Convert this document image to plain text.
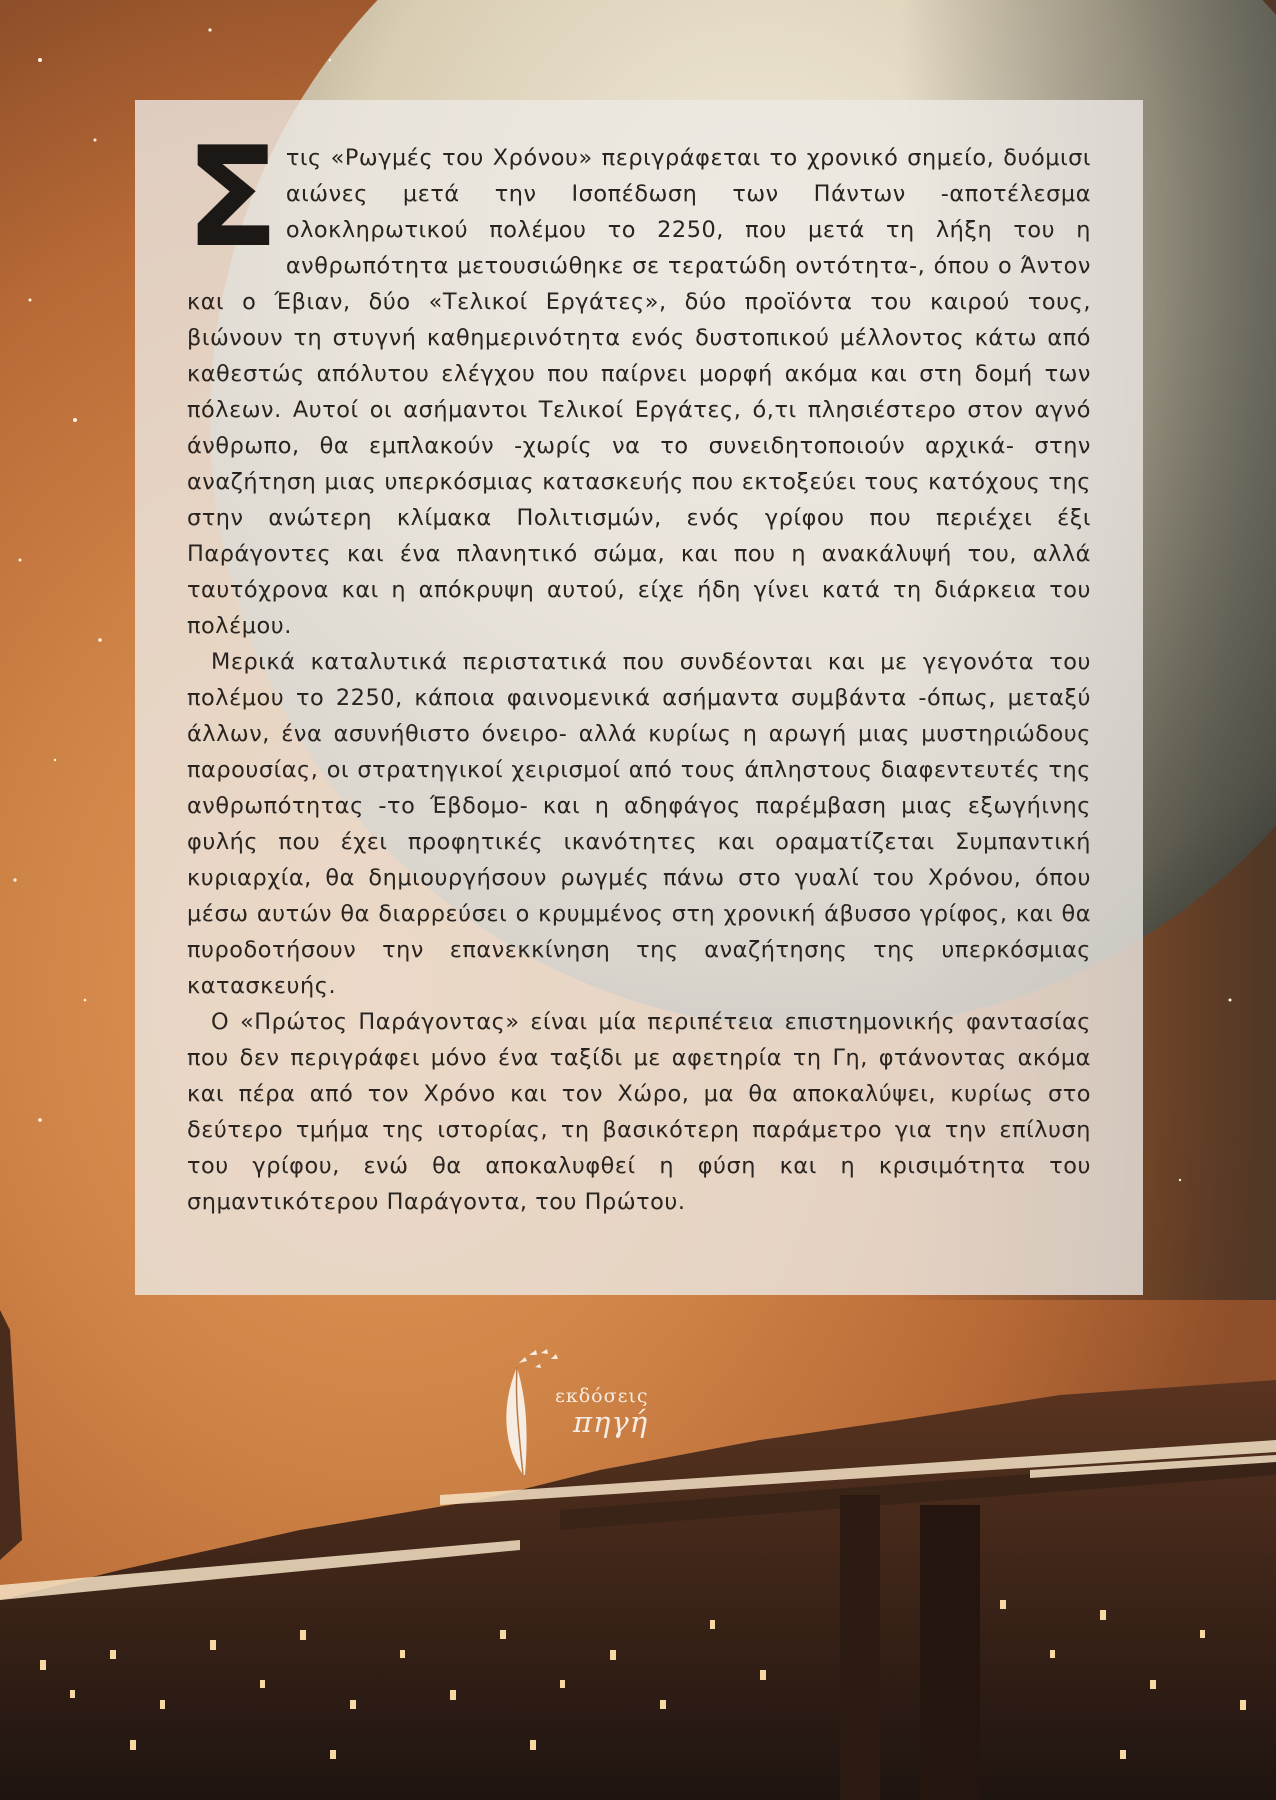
Στις «Ρωγμές του Χρόνου» περιγράφεται το χρονικό σημείο, δυόμισι αιώνες μετά την Ισοπέδωση των Πάντων -αποτέλεσμα ολοκληρωτικού πολέμου το 2250, που μετά τη λήξη του η ανθρωπότητα μετουσιώθηκε σε τερατώδη οντότητα-, όπου ο Άντον και ο Έβιαν, δύο «Τελικοί Εργάτες», δύο προϊόντα του καιρού τους, βιώνουν τη στυγνή καθημερινότητα ενός δυστοπικού μέλλοντος κάτω από καθεστώς απόλυτου ελέγχου που παίρνει μορφή ακόμα και στη δομή των πόλεων. Αυτοί οι ασήμαντοι Τελικοί Εργάτες, ό,τι πλησιέστερο στον αγνό άνθρωπο, θα εμπλακούν -χωρίς να το συνειδητοποιούν αρχικά- στην αναζήτηση μιας υπερκόσμιας κατασκευής που εκτοξεύει τους κατόχους της στην ανώτερη κλίμακα Πολιτισμών, ενός γρίφου που περιέχει έξι Παράγοντες και ένα πλανητικό σώμα, και που η ανακάλυψή του, αλλά ταυτόχρονα και η απόκρυψη αυτού, είχε ήδη γίνει κατά τη διάρκεια του πολέμου.

Μερικά καταλυτικά περιστατικά που συνδέονται και με γεγονότα του πολέμου το 2250, κάποια φαινομενικά ασήμαντα συμβάντα -όπως, μεταξύ άλλων, ένα ασυνήθιστο όνειρο- αλλά κυρίως η αρωγή μιας μυστηριώδους παρουσίας, οι στρατηγικοί χειρισμοί από τους άπληστους διαφεντευτές της ανθρωπότητας -το Έβδομο- και η αδηφάγος παρέμβαση μιας εξωγήινης φυλής που έχει προφητικές ικανότητες και οραματίζεται Συμπαντική κυριαρχία, θα δημιουργήσουν ρωγμές πάνω στο γυαλί του Χρόνου, όπου μέσω αυτών θα διαρρεύσει ο κρυμμένος στη χρονική άβυσσο γρίφος, και θα πυροδοτήσουν την επανεκκίνηση της αναζήτησης της υπερκόσμιας κατασκευής.

Ο «Πρώτος Παράγοντας» είναι μία περιπέτεια επιστημονικής φαντασίας που δεν περιγράφει μόνο ένα ταξίδι με αφετηρία τη Γη, φτάνοντας ακόμα και πέρα από τον Χρόνο και τον Χώρο, μα θα αποκαλύψει, κυρίως στο δεύτερο τμήμα της ιστορίας, τη βασικότερη παράμετρο για την επίλυση του γρίφου, ενώ θα αποκαλυφθεί η φύση και η κρισιμότητα του σημαντικότερου Παράγοντα, του Πρώτου.

εκδόσεις
πηγή
